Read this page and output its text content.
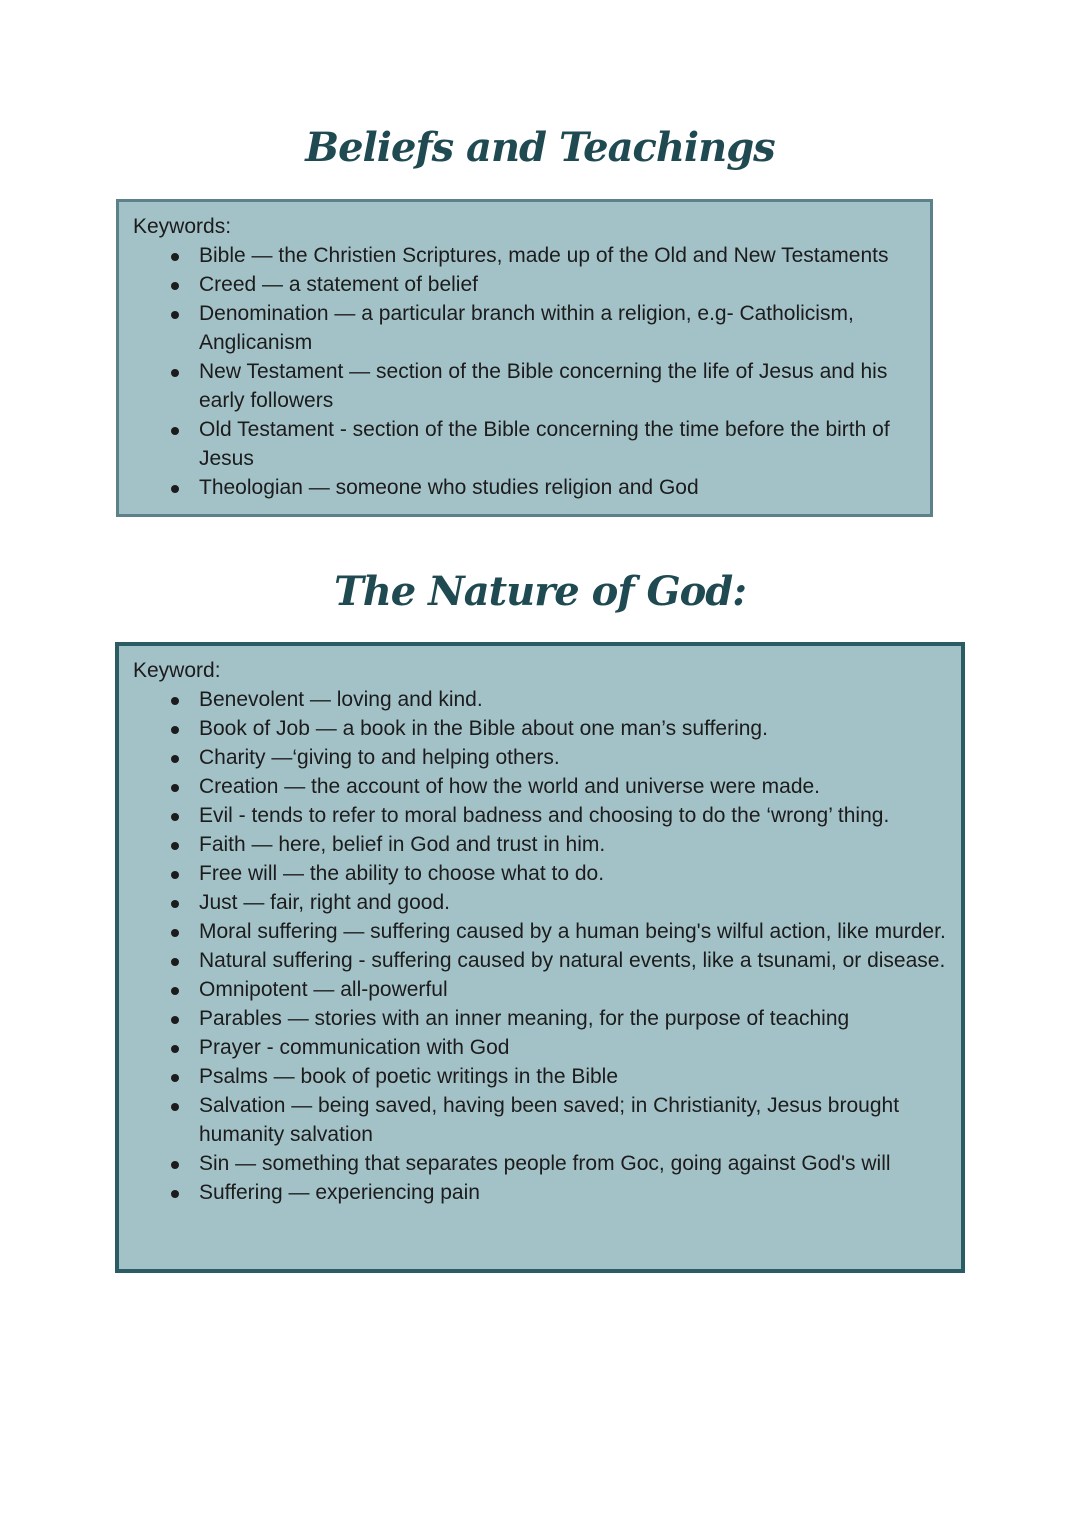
Beliefs and Teachings

Keywords:

Bible — the Christien Scriptures, made up of the Old and New Testaments
Creed — a statement of belief
Denomination — a particular branch within a religion, e.g- Catholicism, Anglicanism
New Testament — section of the Bible concerning the life of Jesus and his early followers
Old Testament - section of the Bible concerning the time before the birth of Jesus
Theologian — someone who studies religion and God
The Nature of God:

Keyword:

Benevolent — loving and kind.
Book of Job — a book in the Bible about one man’s suffering.
Charity —‘giving to and helping others.
Creation — the account of how the world and universe were made.
Evil - tends to refer to moral badness and choosing to do the ‘wrong’ thing.
Faith — here, belief in God and trust in him.
Free will — the ability to choose what to do.
Just — fair, right and good.
Moral suffering — suffering caused by a human being's wilful action, like murder.
Natural suffering - suffering caused by natural events, like a tsunami, or disease.
Omnipotent — all-powerful
Parables — stories with an inner meaning, for the purpose of teaching
Prayer - communication with God
Psalms — book of poetic writings in the Bible
Salvation — being saved, having been saved; in Christianity, Jesus brought humanity salvation
Sin — something that separates people from Goc, going against God's will
Suffering — experiencing pain
